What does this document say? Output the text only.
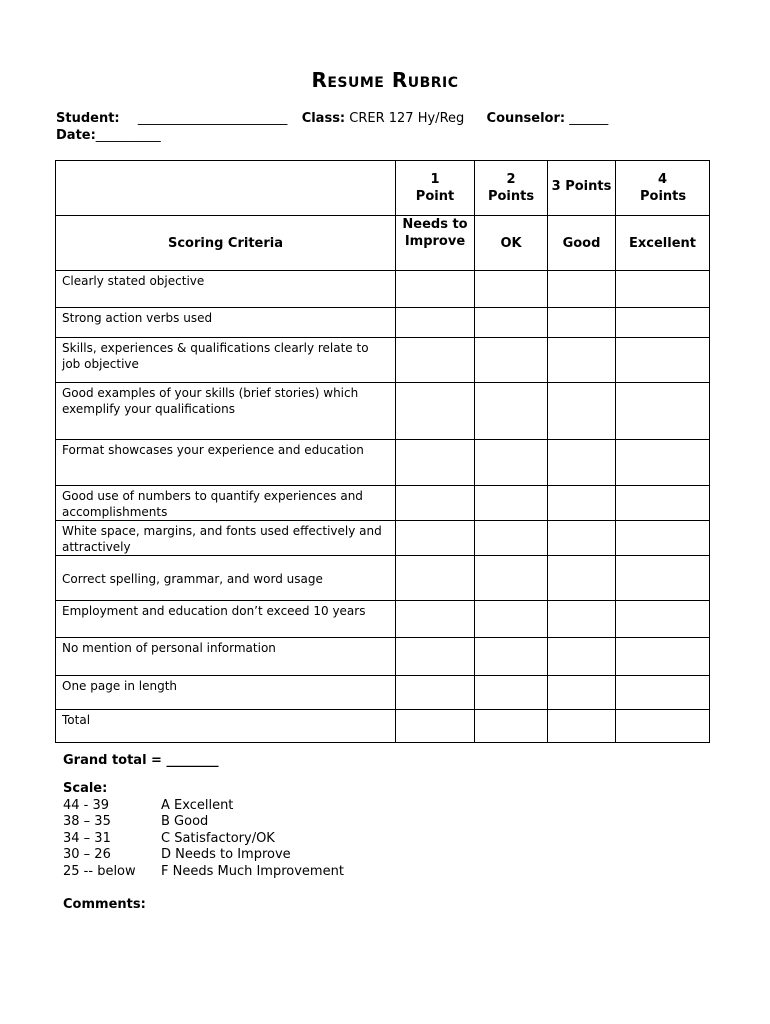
Resume Rubric
Student: _______________________ Class: CRER 127 Hy/Reg Counselor: ______
Date:__________
	1 Point	2 Points	3 Points	4 Points
Scoring Criteria	Needs to Improve	OK	Good	Excellent
Clearly stated objective				
Strong action verbs used				
Skills, experiences & qualifications clearly relate to job objective				
Good examples of your skills (brief stories) which exemplify your qualifications				
Format showcases your experience and education				
Good use of numbers to quantify experiences and accomplishments				
White space, margins, and fonts used effectively and attractively				
Correct spelling, grammar, and word usage				
Employment and education don’t exceed 10 years				
No mention of personal information				
One page in length				
Total				
Grand total = ________
Scale:
44 - 39	A Excellent
38 – 35	B Good
34 – 31	C Satisfactory/OK
30 – 26	D Needs to Improve
25 -- below	F Needs Much Improvement
Comments:
